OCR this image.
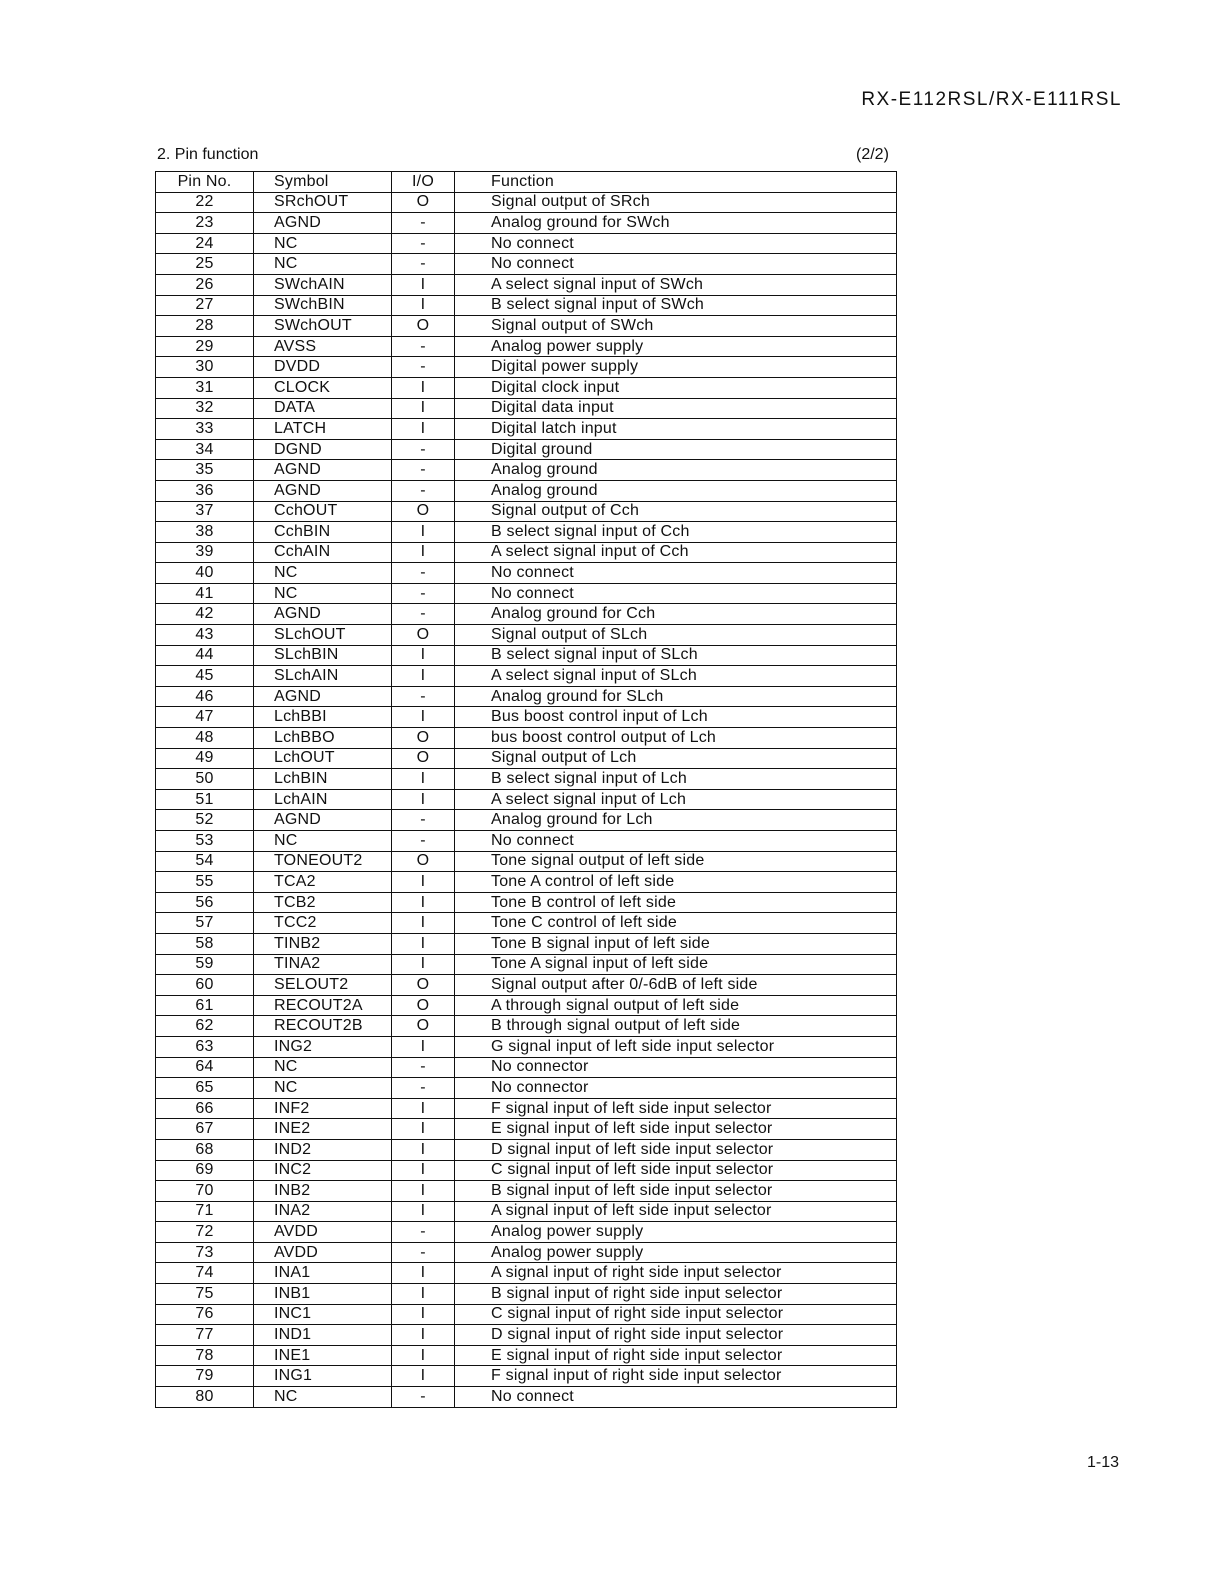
RX-E112RSL/RX-E111RSL
2. Pin function	(2/2)
Pin No.	Symbol	I/O	Function
22	SRchOUT	O	Signal output of SRch
23	AGND	-	Analog ground for SWch
24	NC	-	No connect
25	NC	-	No connect
26	SWchAIN	I	A select signal input of SWch
27	SWchBIN	I	B select signal input of SWch
28	SWchOUT	O	Signal output of SWch
29	AVSS	-	Analog power supply
30	DVDD	-	Digital power supply
31	CLOCK	I	Digital clock input
32	DATA	I	Digital data input
33	LATCH	I	Digital latch input
34	DGND	-	Digital ground
35	AGND	-	Analog ground
36	AGND	-	Analog ground
37	CchOUT	O	Signal output of Cch
38	CchBIN	I	B select signal input of Cch
39	CchAIN	I	A select signal input of Cch
40	NC	-	No connect
41	NC	-	No connect
42	AGND	-	Analog ground for Cch
43	SLchOUT	O	Signal output of SLch
44	SLchBIN	I	B select signal input of SLch
45	SLchAIN	I	A select signal input of SLch
46	AGND	-	Analog ground for SLch
47	LchBBI	I	Bus boost control input of Lch
48	LchBBO	O	bus boost control output of Lch
49	LchOUT	O	Signal output of Lch
50	LchBIN	I	B select signal input of Lch
51	LchAIN	I	A select signal input of Lch
52	AGND	-	Analog ground for Lch
53	NC	-	No connect
54	TONEOUT2	O	Tone signal output of left side
55	TCA2	I	Tone A control of left side
56	TCB2	I	Tone B control of left side
57	TCC2	I	Tone C control of left side
58	TINB2	I	Tone B signal input of left side
59	TINA2	I	Tone A signal input of left side
60	SELOUT2	O	Signal output after 0/-6dB of left side
61	RECOUT2A	O	A through signal output of left side
62	RECOUT2B	O	B through signal output of left side
63	ING2	I	G signal input of left side input selector
64	NC	-	No connector
65	NC	-	No connector
66	INF2	I	F signal input of left side input selector
67	INE2	I	E signal input of left side input selector
68	IND2	I	D signal input of left side input selector
69	INC2	I	C signal input of left side input selector
70	INB2	I	B signal input of left side input selector
71	INA2	I	A signal input of left side input selector
72	AVDD	-	Analog power supply
73	AVDD	-	Analog power supply
74	INA1	I	A signal input of right side input selector
75	INB1	I	B signal input of right side input selector
76	INC1	I	C signal input of right side input selector
77	IND1	I	D signal input of right side input selector
78	INE1	I	E signal input of right side input selector
79	ING1	I	F signal input of right side input selector
80	NC	-	No connect
1-13
